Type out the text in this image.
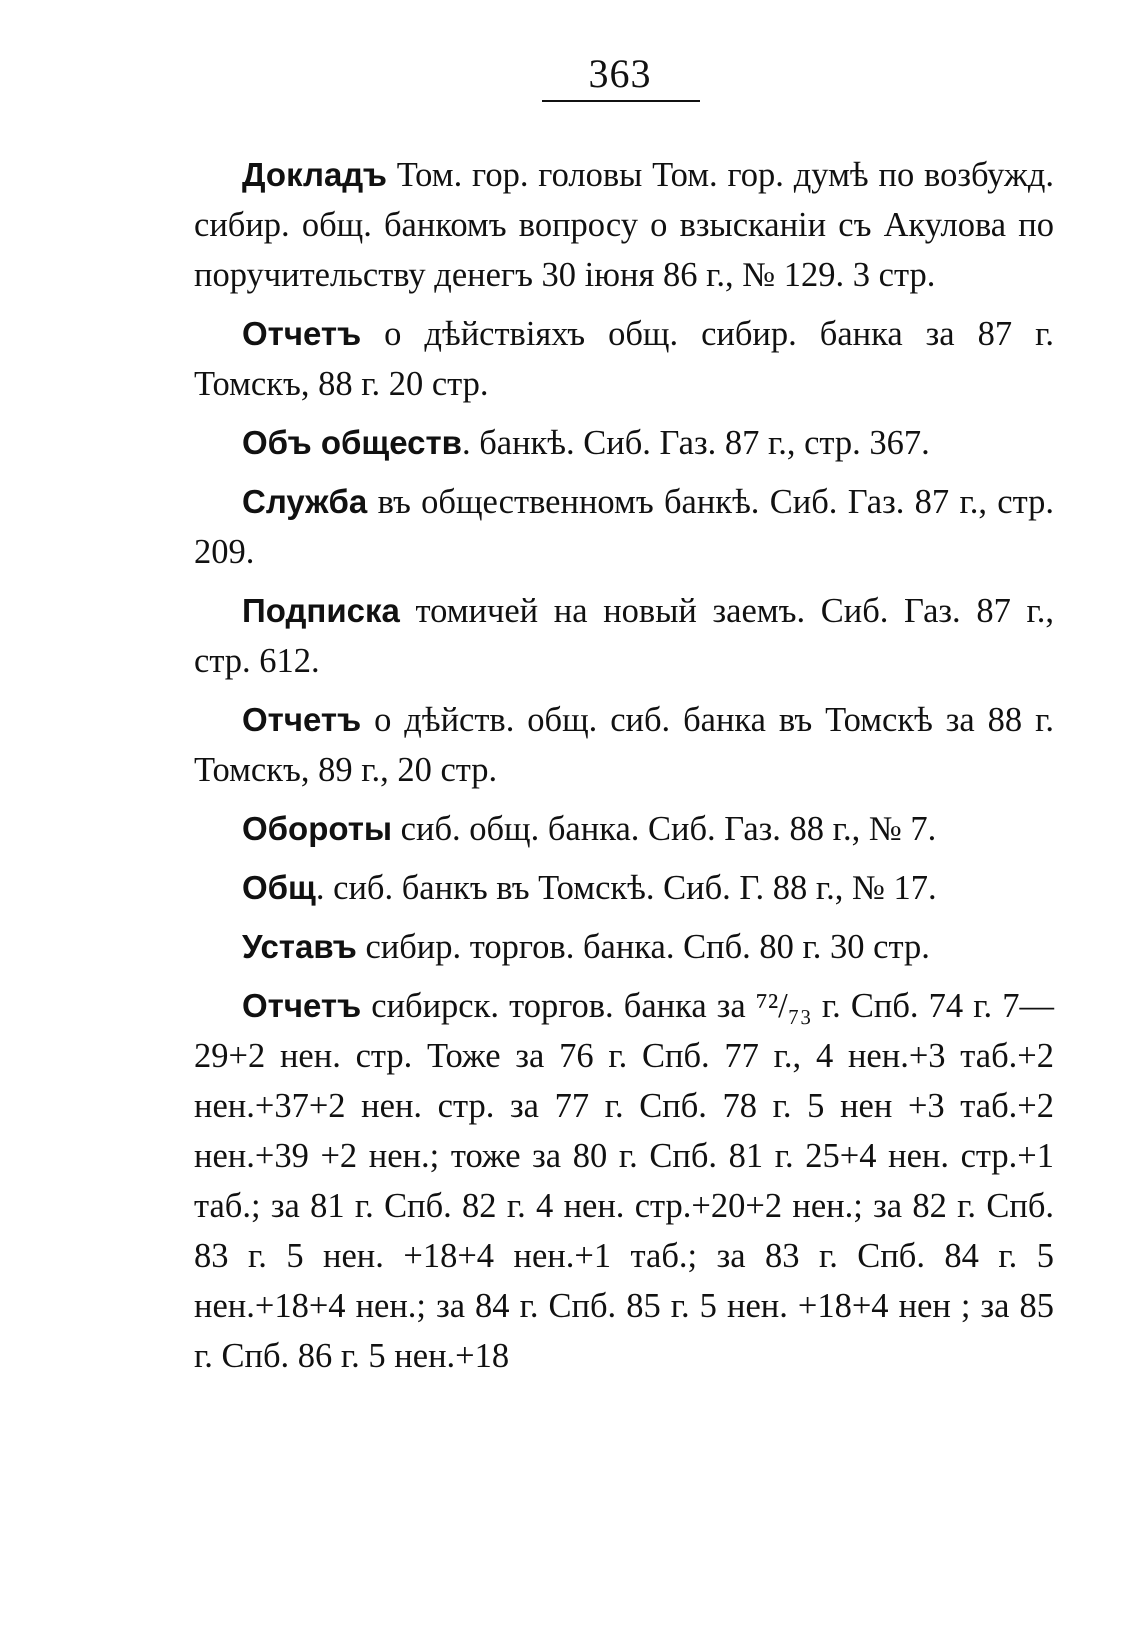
363

Докладъ Том. гор. головы Том. гор. думѣ по возбужд. сибир. общ. банкомъ вопросу о взысканіи съ Акулова по поручительству денегъ 30 іюня 86 г., № 129. 3 стр.

Отчетъ о дѣйствіяхъ общ. сибир. банка за 87 г. Томскъ, 88 г. 20 стр.

Объ обществ. банкѣ. Сиб. Газ. 87 г., стр. 367.

Служба въ общественномъ банкѣ. Сиб. Газ. 87 г., стр. 209.

Подписка томичей на новый заемъ. Сиб. Газ. 87 г., стр. 612.

Отчетъ о дѣйств. общ. сиб. банка въ Томскѣ за 88 г. Томскъ, 89 г., 20 стр.

Обороты сиб. общ. банка. Сиб. Газ. 88 г., № 7.

Общ. сиб. банкъ въ Томскѣ. Сиб. Г. 88 г., № 17.

Уставъ сибир. торгов. банка. Спб. 80 г. 30 стр.

Отчетъ сибирск. торгов. банка за ⁷²/₇₃ г. Спб. 74 г. 7—29+2 нен. стр. Тоже за 76 г. Спб. 77 г., 4 нен.+3 таб.+2 нен.+37+2 нен. стр. за 77 г. Спб. 78 г. 5 нен +3 таб.+2 нен.+39 +2 нен.; тоже за 80 г. Спб. 81 г. 25+4 нен. стр.+1 таб.; за 81 г. Спб. 82 г. 4 нен. стр.+20+2 нен.; за 82 г. Спб. 83 г. 5 нен. +18+4 нен.+1 таб.; за 83 г. Спб. 84 г. 5 нен.+18+4 нен.; за 84 г. Спб. 85 г. 5 нен. +18+4 нен ; за 85 г. Спб. 86 г. 5 нен.+18
